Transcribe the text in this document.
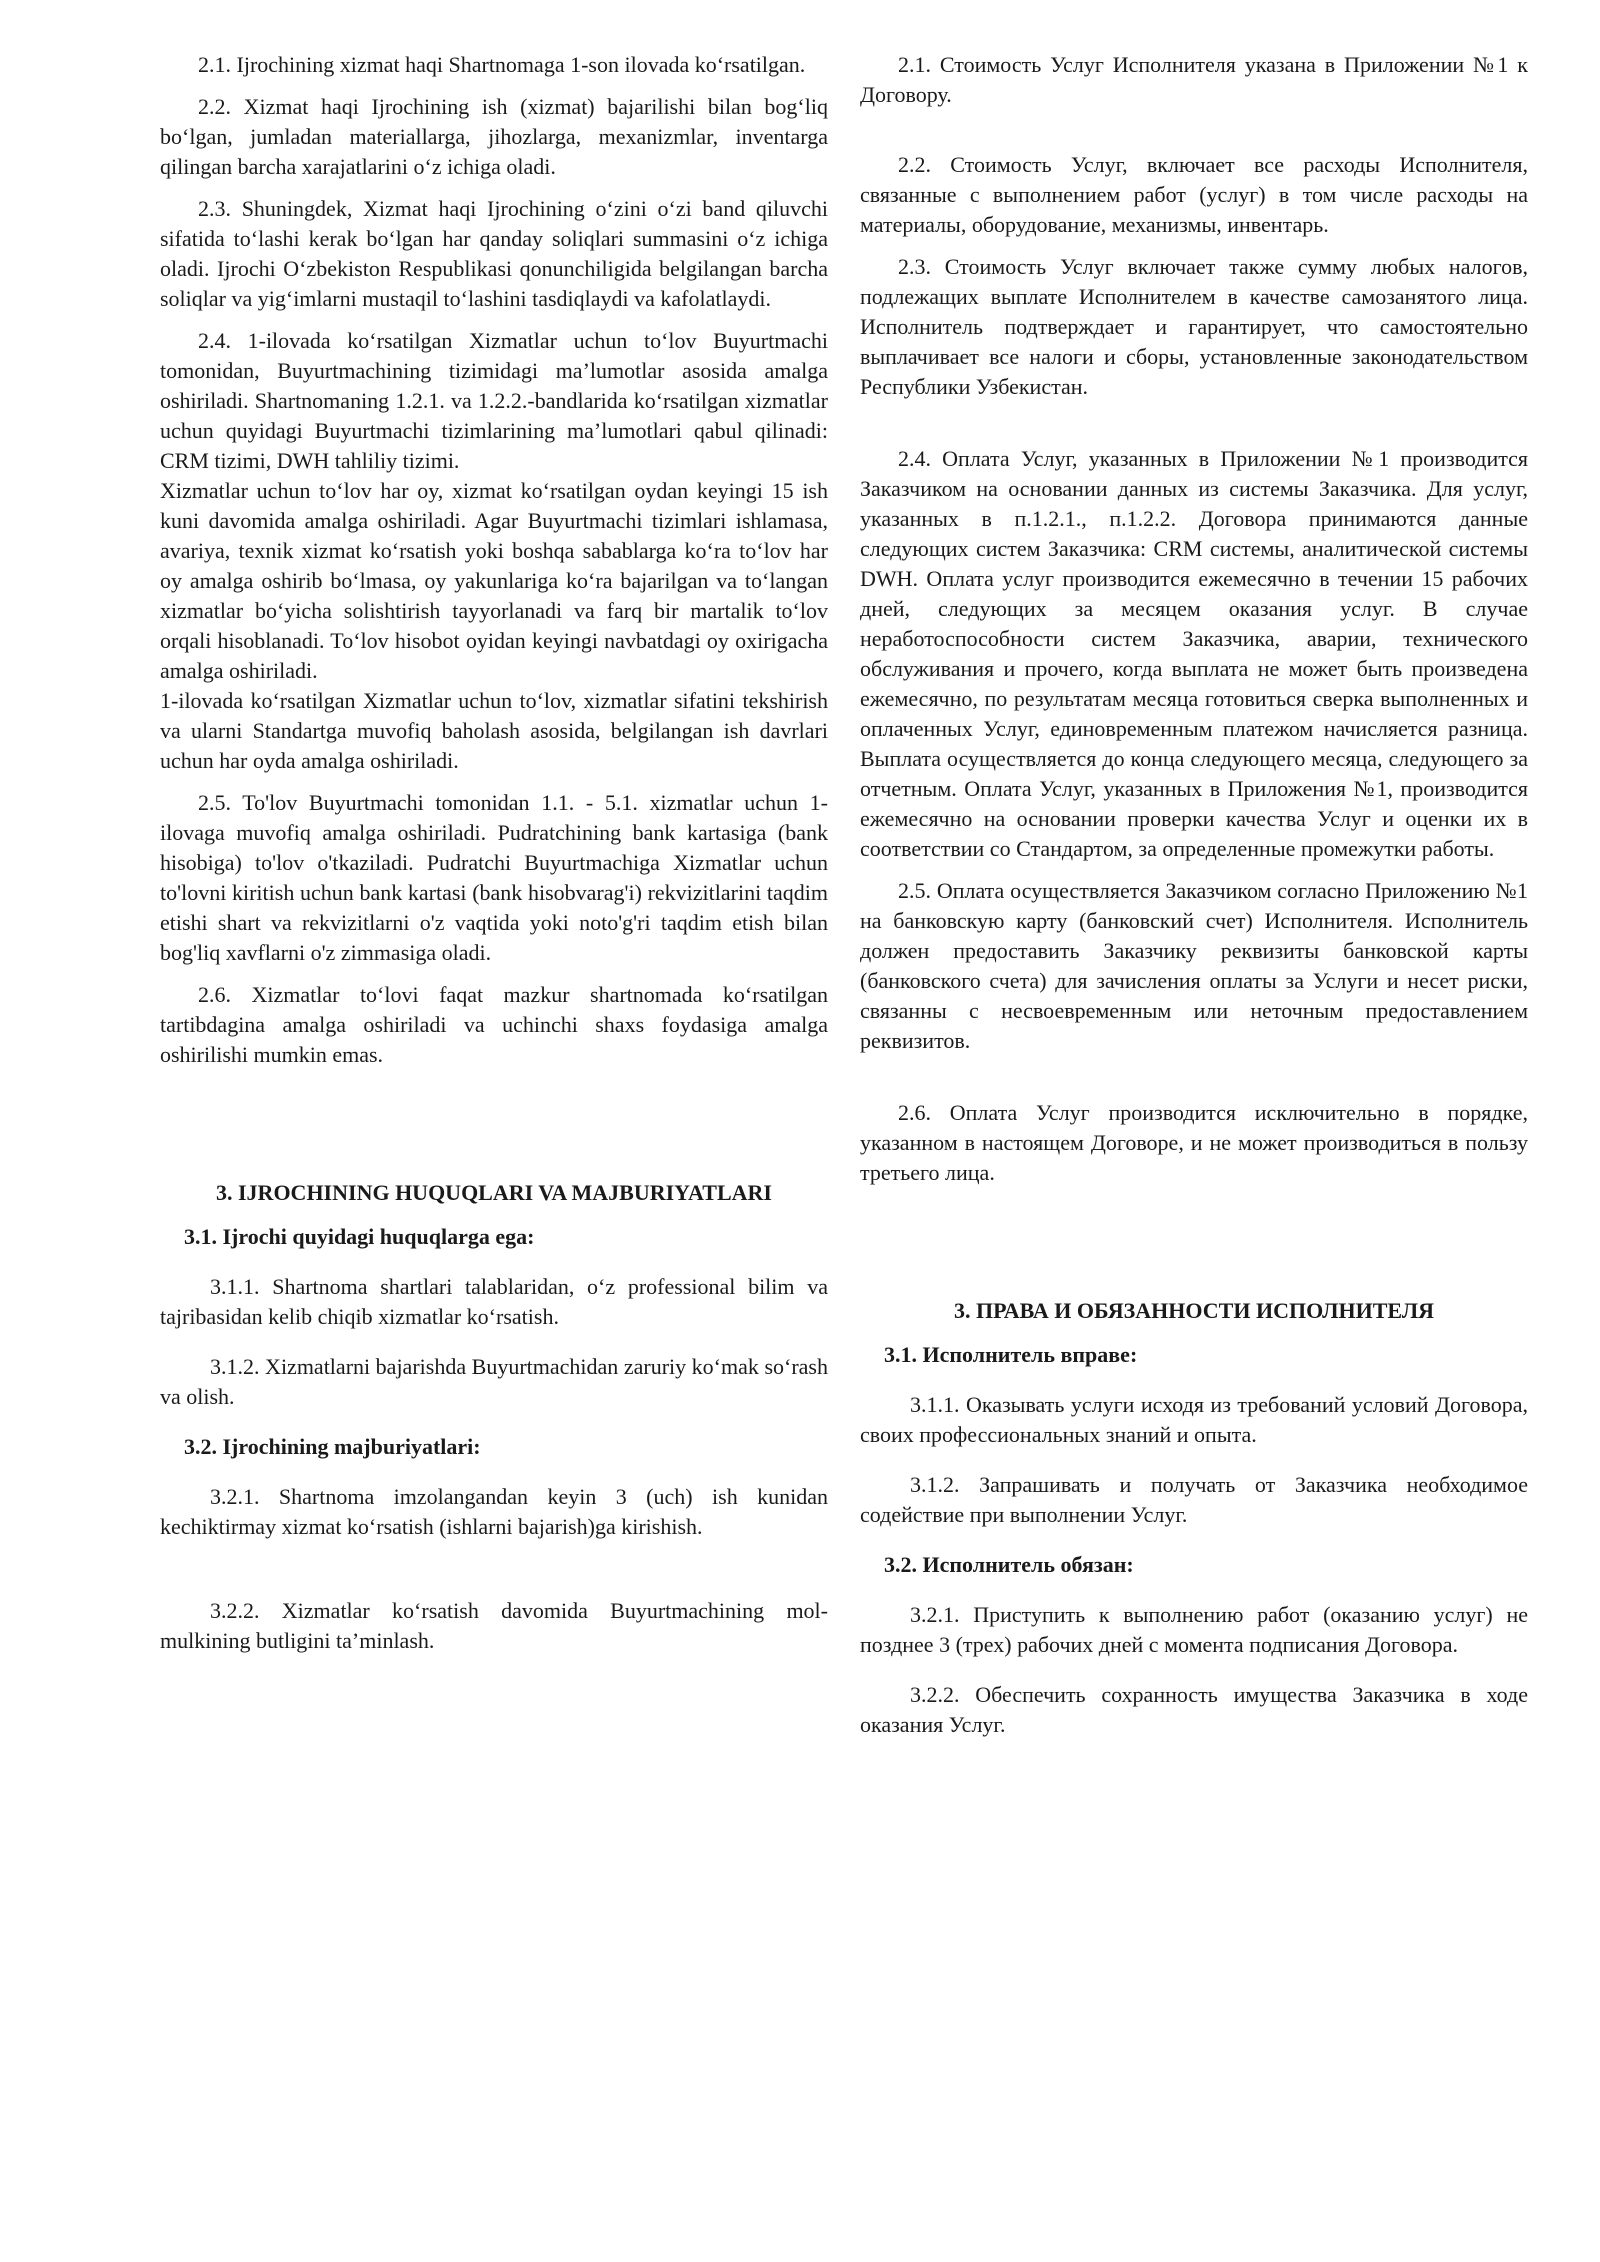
2.1. Ijrochining xizmat haqi Shartnomaga 1-son ilovada ko‘rsatilgan.

2.2. Xizmat haqi Ijrochining ish (xizmat) bajarilishi bilan bog‘liq bo‘lgan, jumladan materiallarga, jihozlarga, mexanizmlar, inventarga qilingan barcha xarajatlarini o‘z ichiga oladi.

2.3. Shuningdek, Xizmat haqi Ijrochining o‘zini o‘zi band qiluvchi sifatida to‘lashi kerak bo‘lgan har qanday soliqlari summasini o‘z ichiga oladi. Ijrochi O‘zbekiston Respublikasi qonunchiligida belgilangan barcha soliqlar va yig‘imlarni mustaqil to‘lashini tasdiqlaydi va kafolatlaydi.

2.4. 1-ilovada ko‘rsatilgan Xizmatlar uchun to‘lov Buyurtmachi tomonidan, Buyurtmachining tizimidagi ma’lumotlar asosida amalga oshiriladi. Shartnomaning 1.2.1. va 1.2.2.-bandlarida ko‘rsatilgan xizmatlar uchun quyidagi Buyurtmachi tizimlarining ma’lumotlari qabul qilinadi: CRM tizimi, DWH tahliliy tizimi.

Xizmatlar uchun to‘lov har oy, xizmat ko‘rsatilgan oydan keyingi 15 ish kuni davomida amalga oshiriladi. Agar Buyurtmachi tizimlari ishlamasa, avariya, texnik xizmat ko‘rsatish yoki boshqa sabablarga ko‘ra to‘lov har oy amalga oshirib bo‘lmasa, oy yakunlariga ko‘ra bajarilgan va to‘langan xizmatlar bo‘yicha solishtirish tayyorlanadi va farq bir martalik to‘lov orqali hisoblanadi. To‘lov hisobot oyidan keyingi navbatdagi oy oxirigacha amalga oshiriladi.

1-ilovada ko‘rsatilgan Xizmatlar uchun to‘lov, xizmatlar sifatini tekshirish va ularni Standartga muvofiq baholash asosida, belgilangan ish davrlari uchun har oyda amalga oshiriladi.

2.5. To'lov Buyurtmachi tomonidan 1.1. - 5.1. xizmatlar uchun 1-ilovaga muvofiq amalga oshiriladi. Pudratchining bank kartasiga (bank hisobiga) to'lov o'tkaziladi. Pudratchi Buyurtmachiga Xizmatlar uchun to'lovni kiritish uchun bank kartasi (bank hisobvarag'i) rekvizitlarini taqdim etishi shart va rekvizitlarni o'z vaqtida yoki noto'g'ri taqdim etish bilan bog'liq xavflarni o'z zimmasiga oladi.

2.6. Xizmatlar to‘lovi faqat mazkur shartnomada ko‘rsatilgan tartibdagina amalga oshiriladi va uchinchi shaxs foydasiga amalga oshirilishi mumkin emas.

3. IJROCHINING HUQUQLARI VA MAJBURIYATLARI

3.1. Ijrochi quyidagi huquqlarga ega:

3.1.1. Shartnoma shartlari talablaridan, o‘z professional bilim va tajribasidan kelib chiqib xizmatlar ko‘rsatish.

3.1.2. Xizmatlarni bajarishda Buyurtmachidan zaruriy ko‘mak so‘rash va olish.

3.2. Ijrochining majburiyatlari:

3.2.1. Shartnoma imzolangandan keyin 3 (uch) ish kunidan kechiktirmay xizmat ko‘rsatish (ishlarni bajarish)ga kirishish.

3.2.2. Xizmatlar ko‘rsatish davomida Buyurtmachining mol-mulkining butligini ta’minlash.

2.1. Стоимость Услуг Исполнителя указана в Приложении №1 к Договору.

2.2. Стоимость Услуг, включает все расходы Исполнителя, связанные с выполнением работ (услуг) в том числе расходы на материалы, оборудование, механизмы, инвентарь.

2.3. Стоимость Услуг включает также сумму любых налогов, подлежащих выплате Исполнителем в качестве самозанятого лица. Исполнитель подтверждает и гарантирует, что самостоятельно выплачивает все налоги и сборы, установленные законодательством Республики Узбекистан.

2.4. Оплата Услуг, указанных в Приложении №1 производится Заказчиком на основании данных из системы Заказчика. Для услуг, указанных в п.1.2.1., п.1.2.2. Договора принимаются данные следующих систем Заказчика: CRM системы, аналитической системы DWH. Оплата услуг производится ежемесячно в течении 15 рабочих дней, следующих за месяцем оказания услуг. В случае неработоспособности систем Заказчика, аварии, технического обслуживания и прочего, когда выплата не может быть произведена ежемесячно, по результатам месяца готовиться сверка выполненных и оплаченных Услуг, единовременным платежом начисляется разница. Выплата осуществляется до конца следующего месяца, следующего за отчетным. Оплата Услуг, указанных в Приложения №1, производится ежемесячно на основании проверки качества Услуг и оценки их в соответствии со Стандартом, за определенные промежутки работы.

2.5. Оплата осуществляется Заказчиком согласно Приложению №1 на банковскую карту (банковский счет) Исполнителя. Исполнитель должен предоставить Заказчику реквизиты банковской карты (банковского счета) для зачисления оплаты за Услуги и несет риски, связанны с несвоевременным или неточным предоставлением реквизитов.

2.6. Оплата Услуг производится исключительно в порядке, указанном в настоящем Договоре, и не может производиться в пользу третьего лица.

3. ПРАВА И ОБЯЗАННОСТИ ИСПОЛНИТЕЛЯ

3.1. Исполнитель вправе:

3.1.1. Оказывать услуги исходя из требований условий Договора, своих профессиональных знаний и опыта.

3.1.2. Запрашивать и получать от Заказчика необходимое содействие при выполнении Услуг.

3.2. Исполнитель обязан:

3.2.1. Приступить к выполнению работ (оказанию услуг) не позднее 3 (трех) рабочих дней с момента подписания Договора.

3.2.2. Обеспечить сохранность имущества Заказчика в ходе оказания Услуг.
